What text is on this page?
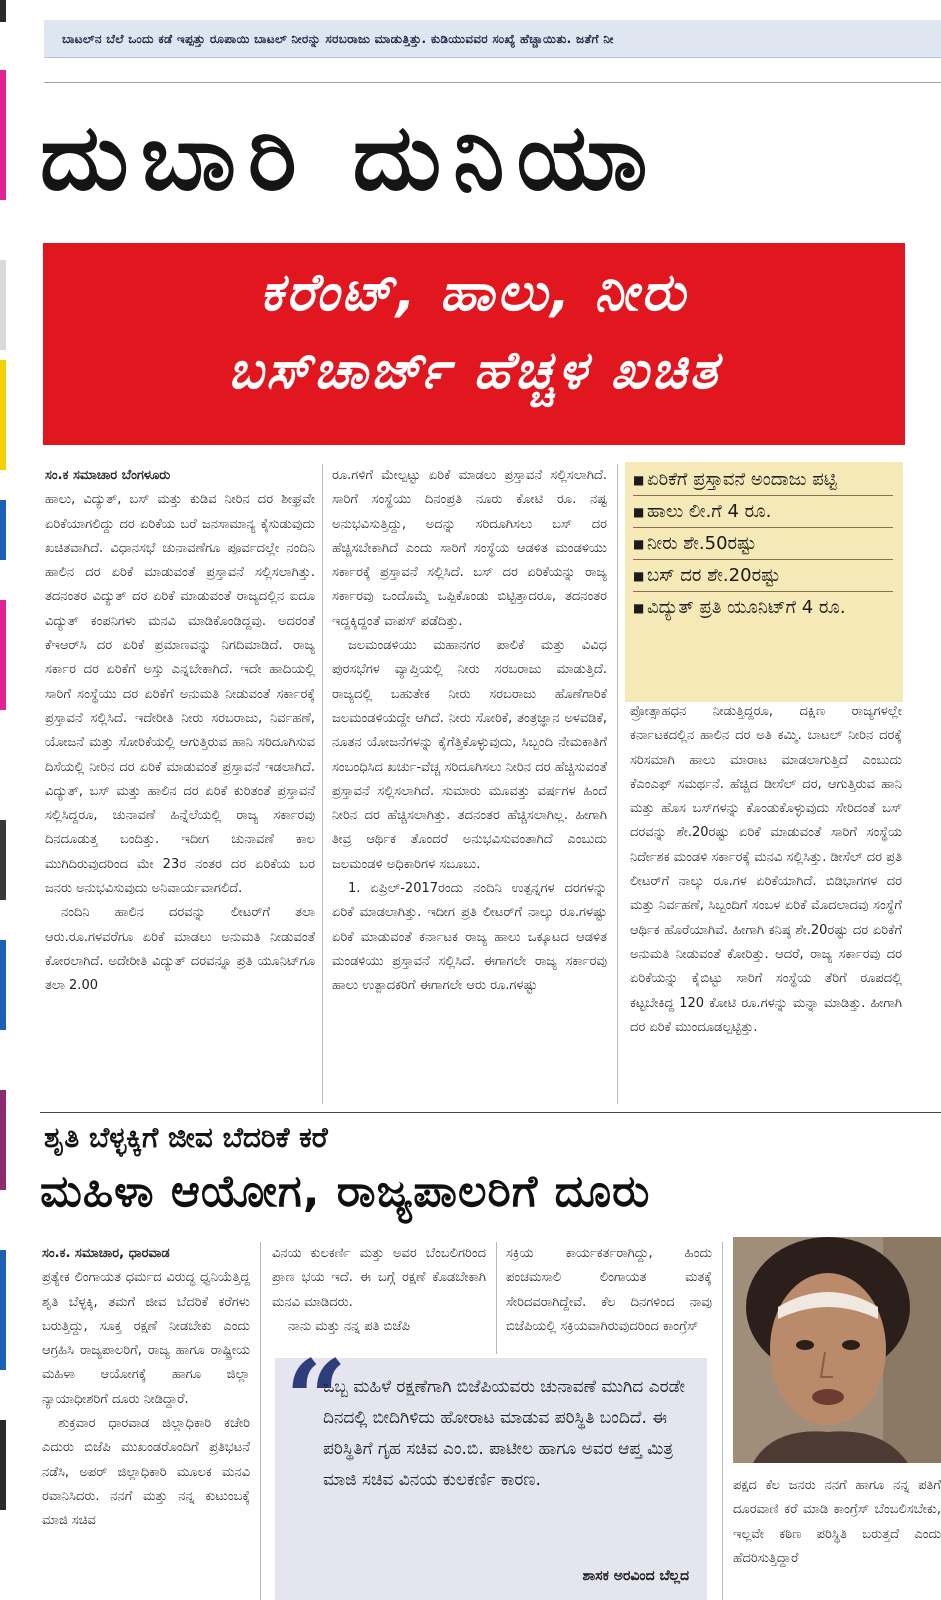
ಬಾಟಲ್‌ನ ಬೆಲೆ ಒಂದು ಕಡೆ ಇಪ್ಪತ್ತು ರೂಪಾಯಿ ಬಾಟಲ್ ನೀರನ್ನು ಸರಬರಾಜು ಮಾಡುತ್ತಿತ್ತು. ಕುಡಿಯುವವರ ಸಂಖ್ಯೆ ಹೆಚ್ಚಾಯಿತು. ಜತೆಗೆ ನೀ
ದುಬಾರಿ ದುನಿಯಾ
ಕರೆಂಟ್, ಹಾಲು, ನೀರು
ಬಸ್‌ಚಾರ್ಜ್ ಹೆಚ್ಚಳ ಖಚಿತ

ಸಂ.ಕ ಸಮಾಚಾರ ಬೆಂಗಳೂರು

ಹಾಲು, ವಿದ್ಯುತ್, ಬಸ್ ಮತ್ತು ಕುಡಿವ ನೀರಿನ ದರ ಶೀಘ್ರವೇ ಏರಿಕೆಯಾಗಲಿದ್ದು ದರ ಏರಿಕೆಯ ಬರೆ ಜನಸಾಮಾನ್ಯ ಕೈಸುಡುವುದು ಖಚಿತವಾಗಿದೆ. ವಿಧಾನಸಭೆ ಚುನಾವಣೆಗೂ ಪೂರ್ವದಲ್ಲೇ ನಂದಿನಿ ಹಾಲಿನ ದರ ಏರಿಕೆ ಮಾಡುವಂತೆ ಪ್ರಸ್ತಾವನೆ ಸಲ್ಲಿಸಲಾಗಿತ್ತು. ತದನಂತರ ವಿದ್ಯುತ್ ದರ ಏರಿಕೆ ಮಾಡುವಂತೆ ರಾಜ್ಯದಲ್ಲಿನ ಐದೂ ವಿದ್ಯುತ್ ಕಂಪನಿಗಳು ಮನವಿ ಮಾಡಿಕೊಂಡಿದ್ದವು. ಅದರಂತೆ ಕೆಇಆರ್‌ಸಿ ದರ ಏರಿಕೆ ಪ್ರಮಾಣವನ್ನು ನಿಗದಿಮಾಡಿದೆ. ರಾಜ್ಯ ಸರ್ಕಾರ ದರ ಏರಿಕೆಗೆ ಅಸ್ತು ಎನ್ನಬೇಕಾಗಿದೆ. ಇದೇ ಹಾದಿಯಲ್ಲಿ ಸಾರಿಗೆ ಸಂಸ್ಥೆಯು ದರ ಏರಿಕೆಗೆ ಅನುಮತಿ ನೀಡುವಂತೆ ಸರ್ಕಾರಕ್ಕೆ ಪ್ರಸ್ತಾವನೆ ಸಲ್ಲಿಸಿದೆ. ಇದೇರೀತಿ ನೀರು ಸರಬರಾಜು, ನಿರ್ವಹಣೆ, ಯೋಜನೆ ಮತ್ತು ಸೋರಿಕೆಯಲ್ಲಿ ಆಗುತ್ತಿರುವ ಹಾನಿ ಸರಿದೂಗಿಸುವ ದಿಸೆಯಲ್ಲಿ ನೀರಿನ ದರ ಏರಿಕೆ ಮಾಡುವಂತೆ ಪ್ರಸ್ತಾವನೆ ಇಡಲಾಗಿದೆ. ವಿದ್ಯುತ್, ಬಸ್ ಮತ್ತು ಹಾಲಿನ ದರ ಏರಿಕೆ ಕುರಿತಂತೆ ಪ್ರಸ್ತಾವನೆ ಸಲ್ಲಿಸಿದ್ದರೂ, ಚುನಾವಣೆ ಹಿನ್ನೆಲೆಯಲ್ಲಿ ರಾಜ್ಯ ಸರ್ಕಾರವು ದಿನದೂಡುತ್ತ ಬಂದಿತ್ತು. ಇದೀಗ ಚುನಾವಣೆ ಕಾಲ ಮುಗಿದಿರುವುದರಿಂದ ಮೇ 23ರ ನಂತರ ದರ ಏರಿಕೆಯ ಬರ ಜನರು ಅನುಭವಿಸುವುದು ಅನಿವಾರ್ಯವಾಗಲಿದೆ.

ನಂದಿನಿ ಹಾಲಿನ ದರವನ್ನು ಲೀಟರ್‌ಗೆ ತಲಾ ಆರು.ರೂ.ಗಳವರೆಗೂ ಏರಿಕೆ ಮಾಡಲು ಅನುಮತಿ ನೀಡುವಂತೆ ಕೋರಲಾಗಿದೆ. ಅದೇರೀತಿ ವಿದ್ಯುತ್ ದರವನ್ನೂ ಪ್ರತಿ ಯೂನಿಟ್‌ಗೂ ತಲಾ 2.00

ರೂ.ಗಳಿಗೆ ಮೇಲ್ಪಟ್ಟು ಏರಿಕೆ ಮಾಡಲು ಪ್ರಸ್ತಾವನೆ ಸಲ್ಲಿಸಲಾಗಿದೆ. ಸಾರಿಗೆ ಸಂಸ್ಥೆಯು ದಿನಂಪ್ರತಿ ನೂರು ಕೋಟಿ ರೂ. ನಷ್ಟ ಅನುಭವಿಸುತ್ತಿದ್ದು, ಅದನ್ನು ಸರಿದೂಗಿಸಲು ಬಸ್ ದರ ಹೆಚ್ಚಿಸಬೇಕಾಗಿದೆ ಎಂದು ಸಾರಿಗೆ ಸಂಸ್ಥೆಯ ಆಡಳಿತ ಮಂಡಳಿಯು ಸರ್ಕಾರಕ್ಕೆ ಪ್ರಸ್ತಾವನೆ ಸಲ್ಲಿಸಿದೆ. ಬಸ್ ದರ ಏರಿಕೆಯನ್ನು ರಾಜ್ಯ ಸರ್ಕಾರವು ಒಂದೊಮ್ಮೆ ಒಪ್ಪಿಕೊಂಡು ಬಿಟ್ಟಿತ್ತಾದರೂ, ತದನಂತರ ಇದ್ದಕ್ಕಿದ್ದಂತೆ ವಾಪಸ್ ಪಡೆದಿತ್ತು.

ಜಲಮಂಡಳಿಯು ಮಹಾನಗರ ಪಾಲಿಕೆ ಮತ್ತು ವಿವಿಧ ಪುರಸಭೆಗಳ ವ್ಯಾಪ್ತಿಯಲ್ಲಿ ನೀರು ಸರಬರಾಜು ಮಾಡುತ್ತಿದೆ. ರಾಜ್ಯದಲ್ಲಿ ಬಹುತೇಕ ನೀರು ಸರಬರಾಜು ಹೊಣೆಗಾರಿಕೆ ಜಲಮಂಡಳಿಯದ್ದೇ ಆಗಿದೆ. ನೀರು ಸೋರಿಕೆ, ತಂತ್ರಜ್ಞಾನ ಅಳವಡಿಕೆ, ನೂತನ ಯೋಜನೆಗಳನ್ನು ಕೈಗೆತ್ತಿಕೊಳ್ಳುವುದು, ಸಿಬ್ಬಂದಿ ನೇಮಕಾತಿಗೆ ಸಂಬಂಧಿಸಿದ ಖರ್ಚು-ವೆಚ್ಚ ಸರಿದೂಗಿಸಲು ನೀರಿನ ದರ ಹೆಚ್ಚಿಸುವಂತೆ ಪ್ರಸ್ತಾವನೆ ಸಲ್ಲಿಸಲಾಗಿದೆ. ಸುಮಾರು ಮೂವತ್ತು ವರ್ಷಗಳ ಹಿಂದೆ ನೀರಿನ ದರ ಹೆಚ್ಚಿಸಲಾಗಿತ್ತು. ತದನಂತರ ಹೆಚ್ಚಿಸಲಾಗಿಲ್ಲ. ಹೀಗಾಗಿ ತೀವ್ರ ಆರ್ಥಿಕ ತೊಂದರೆ ಅನುಭವಿಸುವಂತಾಗಿದೆ ಎಂಬುದು ಜಲಮಂಡಳಿ ಅಧಿಕಾರಿಗಳ ಸಬೂಬು.

1. ಏಪ್ರಿಲ್-2017ರಂದು ನಂದಿನಿ ಉತ್ಪನ್ನಗಳ ದರಗಳನ್ನು ಏರಿಕೆ ಮಾಡಲಾಗಿತ್ತು. ಇದೀಗ ಪ್ರತಿ ಲೀಟರ್‌ಗೆ ನಾಲ್ಕು ರೂ.ಗಳಷ್ಟು ಏರಿಕೆ ಮಾಡುವಂತೆ ಕರ್ನಾಟಕ ರಾಜ್ಯ ಹಾಲು ಒಕ್ಕೂಟದ ಆಡಳಿತ ಮಂಡಳಿಯು ಪ್ರಸ್ತಾವನೆ ಸಲ್ಲಿಸಿದೆ. ಈಗಾಗಲೇ ರಾಜ್ಯ ಸರ್ಕಾರವು ಹಾಲು ಉತ್ಪಾದಕರಿಗೆ ಈಗಾಗಲೇ ಆರು ರೂ.ಗಳಷ್ಟು

■ ಏರಿಕೆಗೆ ಪ್ರಸ್ತಾವನೆ ಅಂದಾಜು ಪಟ್ಟಿ
■ ಹಾಲು ಲೀ.ಗೆ 4 ರೂ.
■ ನೀರು ಶೇ.50ರಷ್ಟು
■ ಬಸ್ ದರ ಶೇ.20ರಷ್ಟು
■ ವಿದ್ಯುತ್ ಪ್ರತಿ ಯೂನಿಟ್‌ಗೆ 4 ರೂ.

ಪ್ರೋತ್ಸಾಹಧನ ನೀಡುತ್ತಿದ್ದರೂ, ದಕ್ಷಿಣ ರಾಜ್ಯಗಳಲ್ಲೇ ಕರ್ನಾಟಕದಲ್ಲಿನ ಹಾಲಿನ ದರ ಅತಿ ಕಮ್ಮಿ. ಬಾಟಲ್ ನೀರಿನ ದರಕ್ಕೆ ಸರಿಸಮಾಗಿ ಹಾಲು ಮಾರಾಟ ಮಾಡಲಾಗುತ್ತಿದೆ ಎಂಬುದು ಕೆಎಂಎಫ್ ಸಮರ್ಥನೆ. ಹೆಚ್ಚಿದ ಡೀಸೆಲ್ ದರ, ಆಗುತ್ತಿರುವ ಹಾನಿ ಮತ್ತು ಹೊಸ ಬಸ್‌ಗಳನ್ನು ಕೊಂಡುಕೊಳ್ಳುವುದು ಸೇರಿದಂತೆ ಬಸ್ ದರವನ್ನು ಶೇ.20ರಷ್ಟು ಏರಿಕೆ ಮಾಡುವಂತೆ ಸಾರಿಗೆ ಸಂಸ್ಥೆಯ ನಿರ್ದೇಶಕ ಮಂಡಳಿ ಸರ್ಕಾರಕ್ಕೆ ಮನವಿ ಸಲ್ಲಿಸಿತ್ತು. ಡೀಸೆಲ್ ದರ ಪ್ರತಿ ಲೀಟರ್‌ಗೆ ನಾಲ್ಕು ರೂ.ಗಳ ಏರಿಕೆಯಾಗಿದೆ. ಬಿಡಿಭಾಗಗಳ ದರ ಮತ್ತು ನಿರ್ವಹಣೆ, ಸಿಬ್ಬಂದಿಗೆ ಸಂಬಳ ಏರಿಕೆ ಮೊದಲಾದವು ಸಂಸ್ಥೆಗೆ ಆರ್ಥಿಕ ಹೊರೆಯಾಗಿವೆ. ಹೀಗಾಗಿ ಕನಿಷ್ಠ ಶೇ.20ರಷ್ಟು ದರ ಏರಿಕೆಗೆ ಅನುಮತಿ ನೀಡುವಂತೆ ಕೋರಿತ್ತು. ಆದರೆ, ರಾಜ್ಯ ಸರ್ಕಾರವು ದರ ಏರಿಕೆಯನ್ನು ಕೈಬಿಟ್ಟು ಸಾರಿಗೆ ಸಂಸ್ಥೆಯ ತೆರಿಗೆ ರೂಪದಲ್ಲಿ ಕಟ್ಟಬೇಕಿದ್ದ 120 ಕೋಟಿ ರೂ.ಗಳನ್ನು ಮನ್ನಾ ಮಾಡಿತ್ತು. ಹೀಗಾಗಿ ದರ ಏರಿಕೆ ಮುಂದೂಡಲ್ಪಟ್ಟಿತ್ತು.

ಶೃತಿ ಬೆಳ್ಳಕ್ಕಿಗೆ ಜೀವ ಬೆದರಿಕೆ ಕರೆ
ಮಹಿಳಾ ಆಯೋಗ, ರಾಜ್ಯಪಾಲರಿಗೆ ದೂರು

ಸಂ.ಕ. ಸಮಾಚಾರ, ಧಾರವಾಡ

ಪ್ರತ್ಯೇಕ ಲಿಂಗಾಯತ ಧರ್ಮದ ವಿರುದ್ಧ ಧ್ವನಿಯೆತ್ತಿದ್ದ ಶೃತಿ ಬೆಳ್ಳಕ್ಕಿ, ತಮಗೆ ಜೀವ ಬೆದರಿಕೆ ಕರೆಗಳು ಬರುತ್ತಿದ್ದು, ಸೂಕ್ತ ರಕ್ಷಣೆ ನೀಡಬೇಕು ಎಂದು ಆಗ್ರಹಿಸಿ ರಾಜ್ಯಪಾಲರಿಗೆ, ರಾಜ್ಯ ಹಾಗೂ ರಾಷ್ಟ್ರೀಯ ಮಹಿಳಾ ಆಯೋಗಕ್ಕೆ ಹಾಗೂ ಜಿಲ್ಲಾ ನ್ಯಾಯಾಧೀಶರಿಗೆ ದೂರು ನೀಡಿದ್ದಾರೆ.

ಶುಕ್ರವಾರ ಧಾರವಾಡ ಜಿಲ್ಲಾಧಿಕಾರಿ ಕಚೇರಿ ಎದುರು ಬಿಜೆಪಿ ಮುಖಂಡರೊಂದಿಗೆ ಪ್ರತಿಭಟನೆ ನಡೆಸಿ, ಅಪರ್ ಜಿಲ್ಲಾಧಿಕಾರಿ ಮೂಲಕ ಮನವಿ ರವಾನಿಸಿದರು. ನನಗೆ ಮತ್ತು ನನ್ನ ಕುಟುಂಬಕ್ಕೆ ಮಾಜಿ ಸಚಿವ

ವಿನಯ ಕುಲಕರ್ಣಿ ಮತ್ತು ಅವರ ಬೆಂಬಲಿಗರಿಂದ ಪ್ರಾಣ ಭಯ ಇದೆ. ಈ ಬಗ್ಗೆ ರಕ್ಷಣೆ ಕೊಡಬೇಕಾಗಿ ಮನವಿ ಮಾಡಿದರು.

ನಾನು ಮತ್ತು ನನ್ನ ಪತಿ ಬಿಜೆಪಿ

ಸಕ್ರಿಯ ಕಾರ್ಯಕರ್ತರಾಗಿದ್ದು, ಹಿಂದು ಪಂಚಮಸಾಲಿ ಲಿಂಗಾಯತ ಮತಕ್ಕೆ ಸೇರಿದವರಾಗಿದ್ದೇವೆ. ಕೆಲ ದಿನಗಳಿಂದ ನಾವು ಬಿಜೆಪಿಯಲ್ಲಿ ಸಕ್ರಿಯವಾಗಿರುವುದರಿಂದ ಕಾಂಗ್ರೆಸ್

ಪಕ್ಷದ ಕೆಲ ಜನರು ನನಗೆ ಹಾಗೂ ನನ್ನ ಪತಿಗೆ ದೂರವಾಣಿ ಕರೆ ಮಾಡಿ ಕಾಂಗ್ರೆಸ್ ಬೆಂಬಲಿಸಬೇಕು, ಇಲ್ಲವೇ ಕಠಿಣ ಪರಿಸ್ಥಿತಿ ಬರುತ್ತದೆ ಎಂದು ಹೆದರಿಸುತ್ತಿದ್ದಾರೆ

“
ಒಬ್ಬ ಮಹಿಳೆ ರಕ್ಷಣೆಗಾಗಿ ಬಿಜೆಪಿಯವರು ಚುನಾವಣೆ ಮುಗಿದ ಎರಡೇ ದಿನದಲ್ಲಿ ಬೀದಿಗಿಳಿದು ಹೋರಾಟ ಮಾಡುವ ಪರಿಸ್ಥಿತಿ ಬಂದಿದೆ. ಈ ಪರಿಸ್ಥಿತಿಗೆ ಗೃಹ ಸಚಿವ ಎಂ.ಬಿ. ಪಾಟೀಲ ಹಾಗೂ ಅವರ ಆಪ್ತ ಮಿತ್ರ ಮಾಜಿ ಸಚಿವ ವಿನಯ ಕುಲಕರ್ಣಿ ಕಾರಣ.
ಶಾಸಕ ಅರವಿಂದ ಬೆಲ್ಲದ
